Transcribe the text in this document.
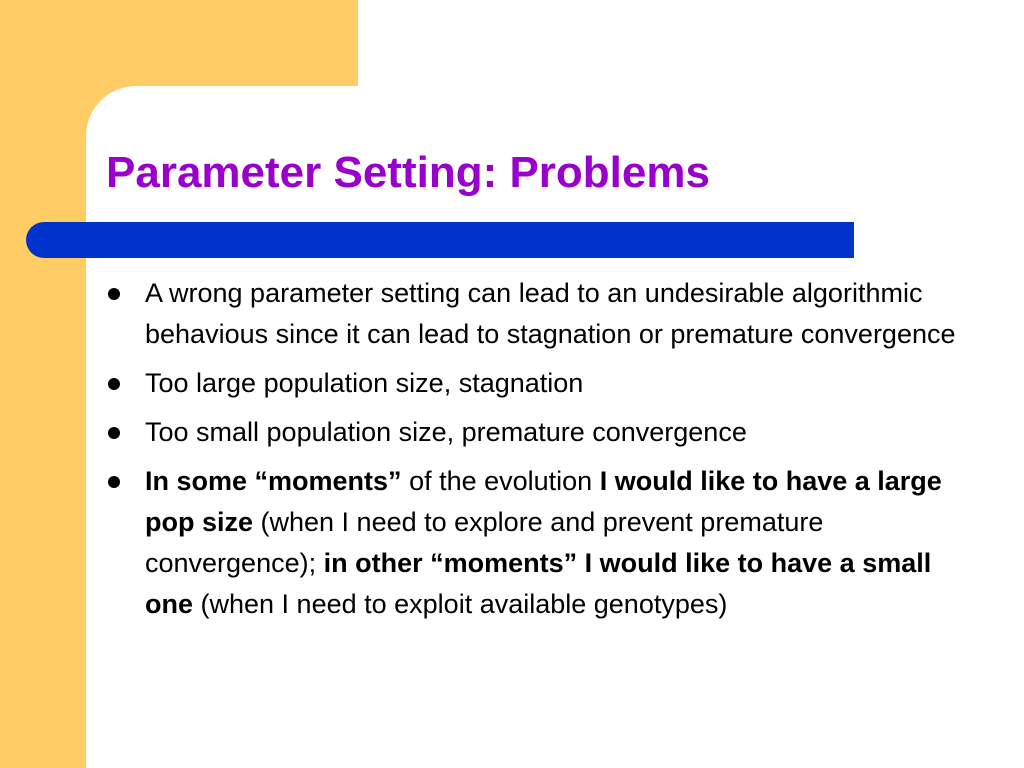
Parameter Setting: Problems
A wrong parameter setting can lead to an undesirable algorithmic behavious since it can lead to stagnation or premature convergence
Too large population size, stagnation
Too small population size, premature convergence
In some “moments” of the evolution I would like to have a large pop size (when I need to explore and prevent premature convergence); in other “moments” I would like to have a small one (when I need to exploit available genotypes)
